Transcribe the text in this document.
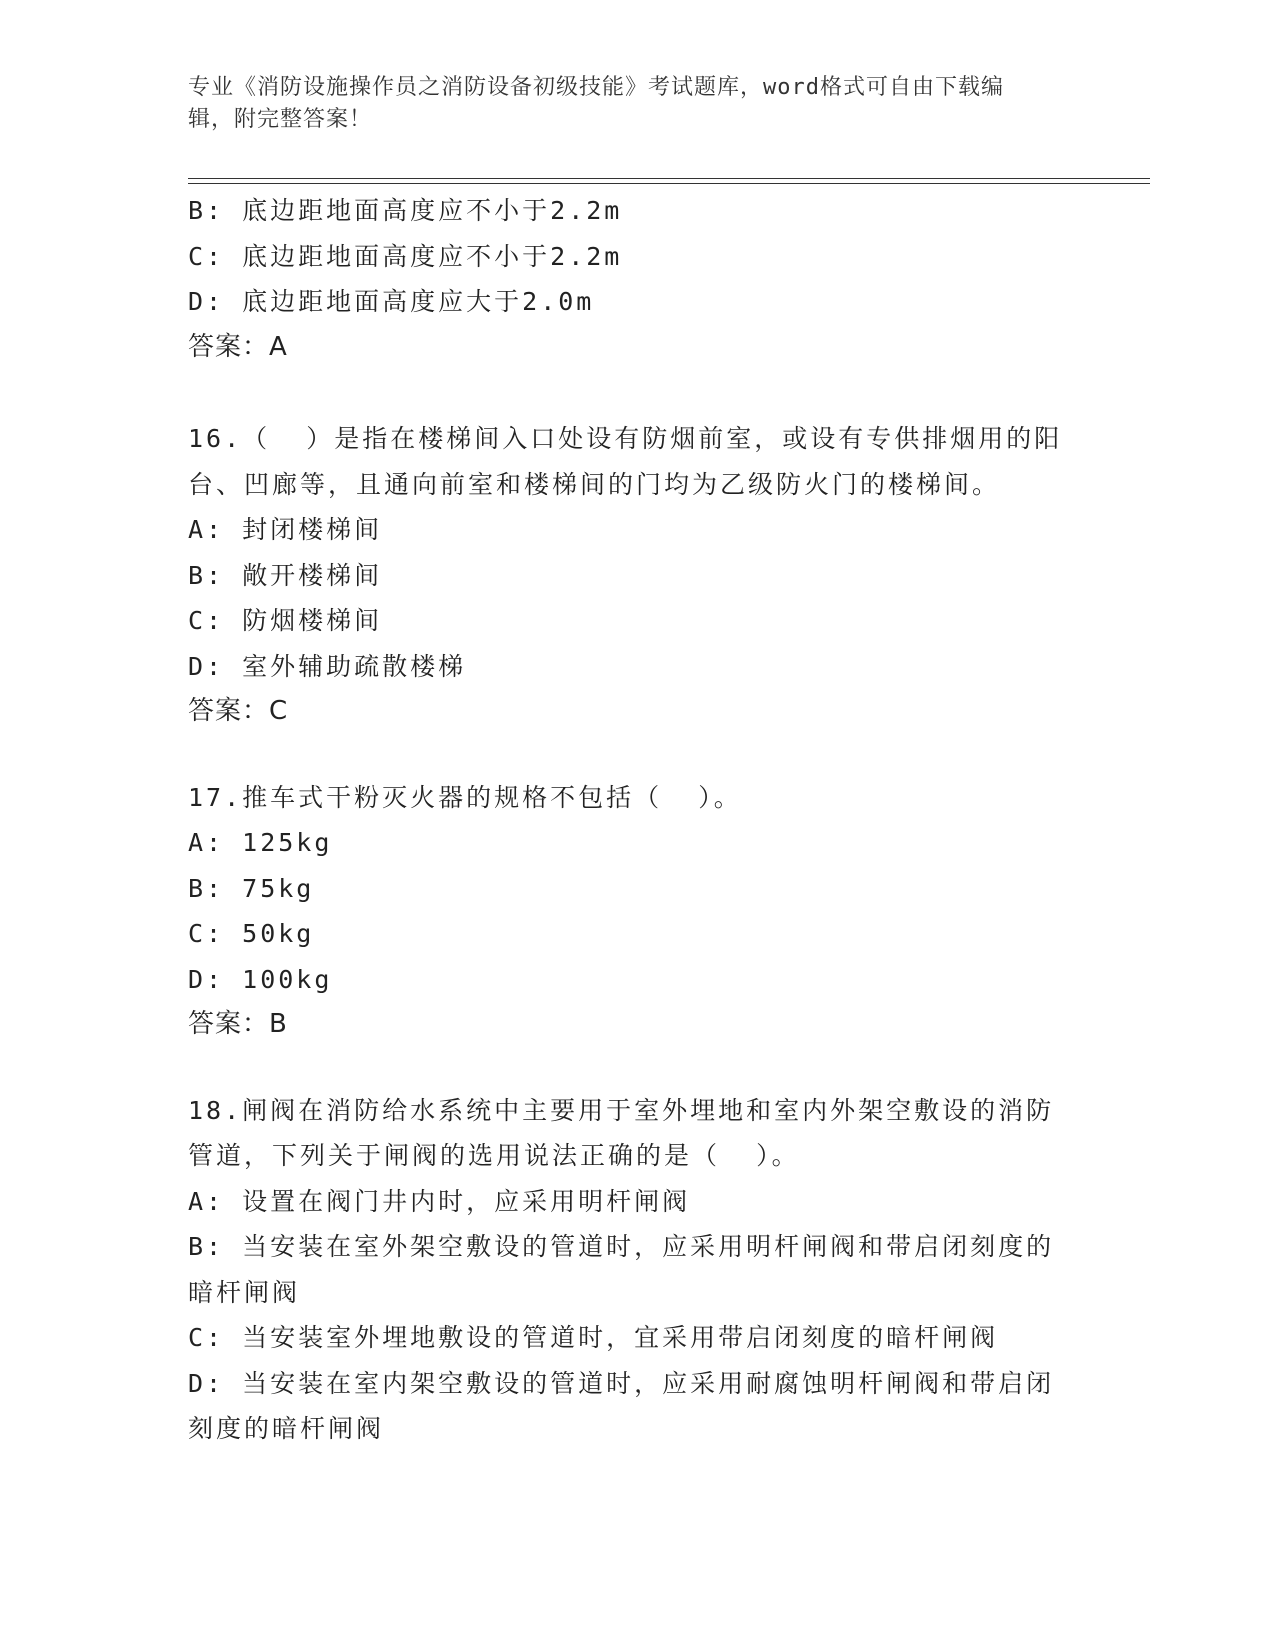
专业《消防设施操作员之消防设备初级技能》考试题库，word格式可自由下载编
辑，附完整答案！
B: 底边距地面高度应不小于2.2m
C: 底边距地面高度应不小于2.2m
D: 底边距地面高度应大于2.0m
答案：A
16.（  ）是指在楼梯间入口处设有防烟前室，或设有专供排烟用的阳
台、凹廊等，且通向前室和楼梯间的门均为乙级防火门的楼梯间。
A: 封闭楼梯间
B: 敞开楼梯间
C: 防烟楼梯间
D: 室外辅助疏散楼梯
答案：C
17.推车式干粉灭火器的规格不包括（  ）。
A: 125kg
B: 75kg
C: 50kg
D: 100kg
答案：B
18.闸阀在消防给水系统中主要用于室外埋地和室内外架空敷设的消防
管道，下列关于闸阀的选用说法正确的是（  ）。
A: 设置在阀门井内时，应采用明杆闸阀
B: 当安装在室外架空敷设的管道时，应采用明杆闸阀和带启闭刻度的
暗杆闸阀
C: 当安装室外埋地敷设的管道时，宜采用带启闭刻度的暗杆闸阀
D: 当安装在室内架空敷设的管道时，应采用耐腐蚀明杆闸阀和带启闭
刻度的暗杆闸阀
